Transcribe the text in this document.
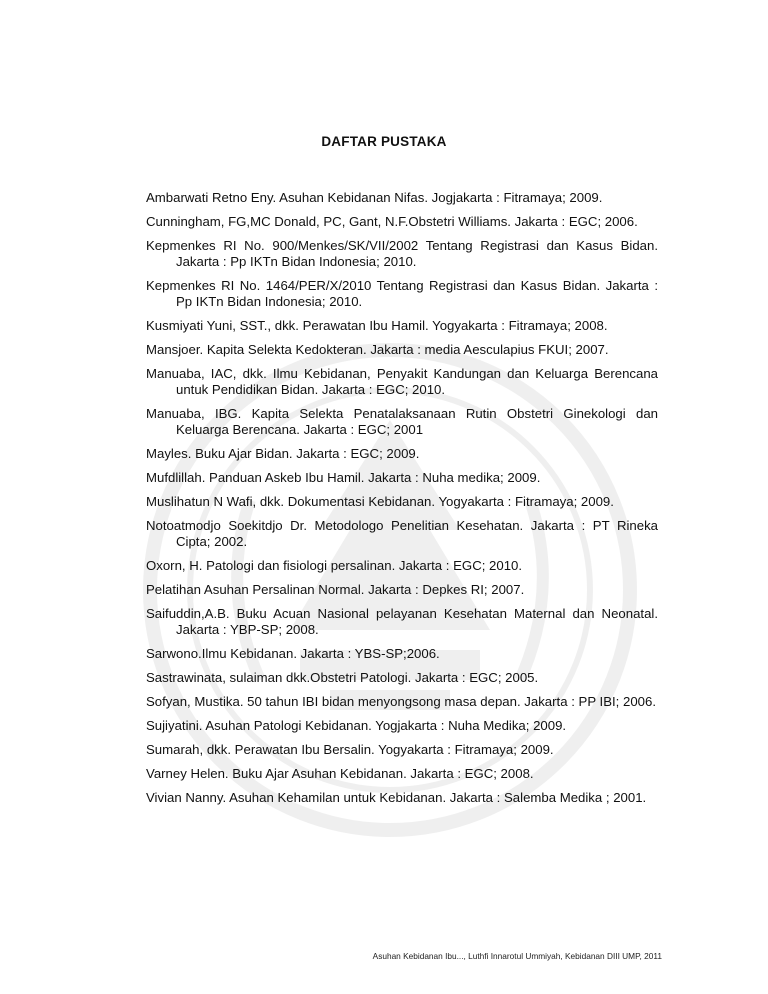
DAFTAR PUSTAKA
Ambarwati Retno Eny. Asuhan Kebidanan Nifas. Jogjakarta : Fitramaya; 2009.
Cunningham, FG,MC Donald, PC, Gant, N.F.Obstetri Williams. Jakarta : EGC; 2006.
Kepmenkes RI No. 900/Menkes/SK/VII/2002 Tentang Registrasi dan Kasus Bidan. Jakarta : Pp IKTn Bidan Indonesia; 2010.
Kepmenkes RI No. 1464/PER/X/2010 Tentang Registrasi dan Kasus Bidan. Jakarta : Pp IKTn Bidan Indonesia; 2010.
Kusmiyati Yuni, SST., dkk. Perawatan Ibu Hamil. Yogyakarta : Fitramaya; 2008.
Mansjoer. Kapita Selekta Kedokteran. Jakarta : media Aesculapius FKUI; 2007.
Manuaba, IAC, dkk. Ilmu Kebidanan, Penyakit Kandungan dan Keluarga Berencana untuk Pendidikan Bidan. Jakarta : EGC; 2010.
Manuaba, IBG. Kapita Selekta Penatalaksanaan Rutin Obstetri Ginekologi dan Keluarga Berencana. Jakarta : EGC; 2001
Mayles. Buku Ajar Bidan. Jakarta : EGC; 2009.
Mufdlillah. Panduan Askeb Ibu Hamil. Jakarta : Nuha medika; 2009.
Muslihatun N Wafi, dkk. Dokumentasi Kebidanan. Yogyakarta : Fitramaya; 2009.
Notoatmodjo Soekitdjo Dr. Metodologo Penelitian Kesehatan. Jakarta : PT Rineka Cipta; 2002.
Oxorn, H. Patologi dan fisiologi persalinan. Jakarta : EGC; 2010.
Pelatihan Asuhan Persalinan Normal. Jakarta : Depkes RI; 2007.
Saifuddin,A.B. Buku Acuan Nasional pelayanan Kesehatan Maternal dan Neonatal. Jakarta : YBP-SP; 2008.
Sarwono.Ilmu Kebidanan. Jakarta : YBS-SP;2006.
Sastrawinata, sulaiman dkk.Obstetri Patologi. Jakarta : EGC; 2005.
Sofyan, Mustika. 50 tahun IBI bidan menyongsong masa depan. Jakarta : PP IBI; 2006.
Sujiyatini. Asuhan Patologi Kebidanan. Yogjakarta : Nuha Medika; 2009.
Sumarah, dkk. Perawatan Ibu Bersalin. Yogyakarta : Fitramaya; 2009.
Varney Helen. Buku Ajar Asuhan Kebidanan. Jakarta : EGC; 2008.
Vivian Nanny. Asuhan Kehamilan untuk Kebidanan. Jakarta : Salemba Medika ; 2001.
Asuhan Kebidanan Ibu..., Luthfi Innarotul Ummiyah, Kebidanan DIII UMP, 2011
